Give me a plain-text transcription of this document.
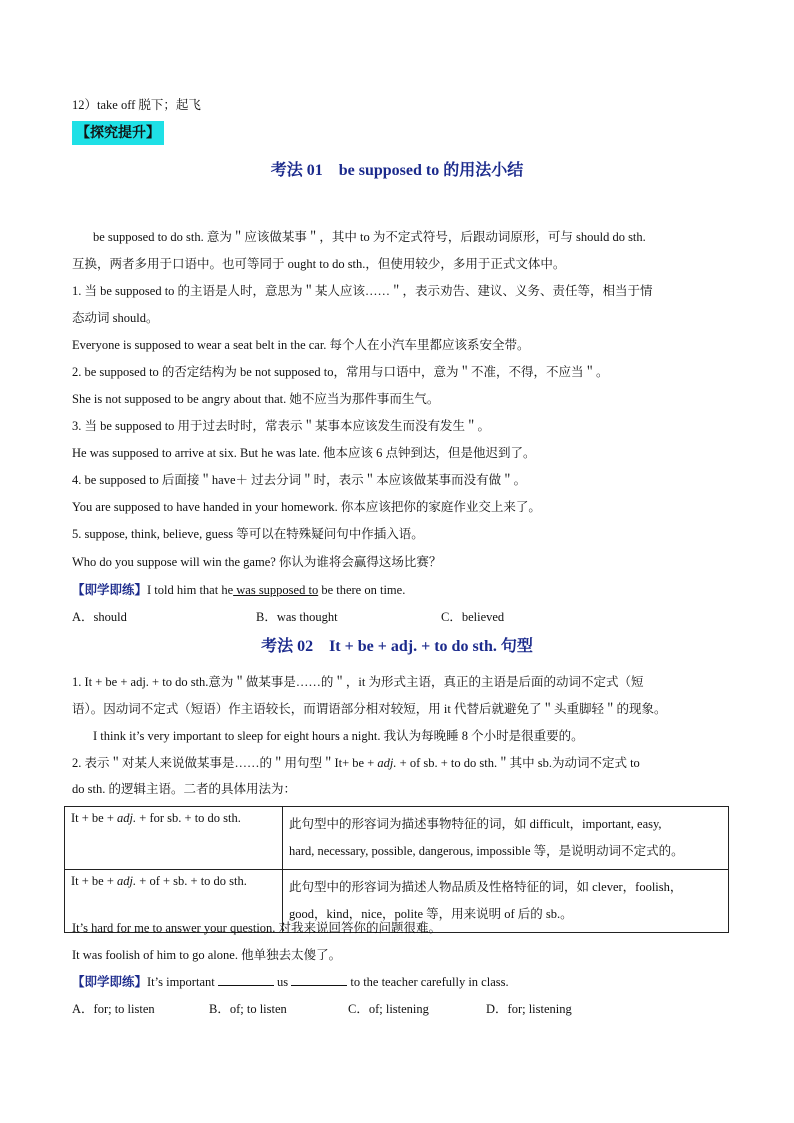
12）take off 脱下；起飞
【探究提升】
考法 01　be supposed to 的用法小结
be supposed to do sth. 意为＂应该做某事＂，其中 to 为不定式符号，后跟动词原形，可与 should do sth.
互换，两者多用于口语中。也可等同于 ought to do sth.，但使用较少，多用于正式文体中。
1. 当 be supposed to 的主语是人时，意思为＂某人应该……＂，表示劝告、建议、义务、责任等，相当于情
态动词 should。
Everyone is supposed to wear a seat belt in the car. 每个人在小汽车里都应该系安全带。
2. be supposed to 的否定结构为 be not supposed to，常用与口语中，意为＂不准，不得，不应当＂。
She is not supposed to be angry about that. 她不应当为那件事而生气。
3. 当 be supposed to 用于过去时时，常表示＂某事本应该发生而没有发生＂。
He was supposed to arrive at six. But he was late. 他本应该 6 点钟到达，但是他迟到了。
4. be supposed to 后面接＂have＋ 过去分词＂时，表示＂本应该做某事而没有做＂。
You are supposed to have handed in your homework. 你本应该把你的家庭作业交上来了。
5. suppose, think, believe, guess 等可以在特殊疑问句中作插入语。
Who do you suppose will win the game? 你认为谁将会赢得这场比赛？
【即学即练】I told him that he was supposed to be there on time.
A．should	B．was thought	C．believed
考法 02　It + be + adj. + to do sth. 句型
1. It + be + adj. + to do sth.意为＂做某事是……的＂，it 为形式主语，真正的主语是后面的动词不定式（短
语）。因动词不定式（短语）作主语较长，而谓语部分相对较短，用 it 代替后就避免了＂头重脚轻＂的现象。
I think it’s very important to sleep for eight hours a night. 我认为每晚睡 8 个小时是很重要的。
2. 表示＂对某人来说做某事是……的＂用句型＂It+ be + adj. + of sb. + to do sth.＂其中 sb.为动词不定式 to
do sth. 的逻辑主语。二者的具体用法为：
It + be + adj. + for sb. + to do sth.	此句型中的形容词为描述事物特征的词，如 difficult，important, easy,
hard, necessary, possible, dangerous, impossible 等，是说明动词不定式的。

It + be + adj. + of + sb. + to do sth.	此句型中的形容词为描述人物品质及性格特征的词，如 clever，foolish，
good，kind，nice，polite 等，用来说明 of 后的 sb.。
It’s hard for me to answer your question. 对我来说回答你的问题很难。
It was foolish of him to go alone. 他单独去太傻了。
【即学即练】It’s important	us	to the teacher carefully in class.
A．for; to listen	B．of; to listen	C．of; listening	D．for; listening
